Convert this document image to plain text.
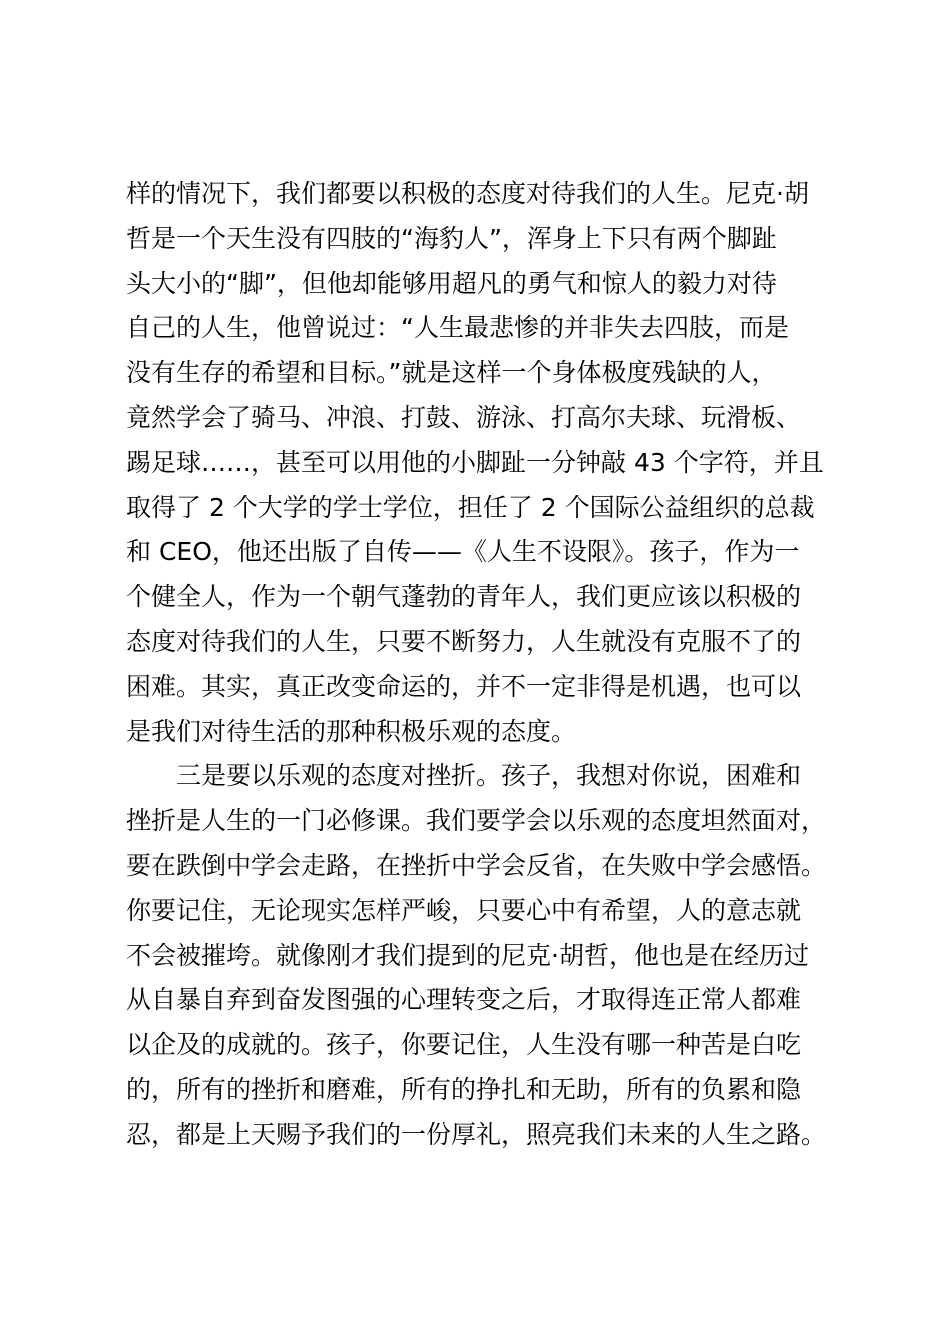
样的情况下，我们都要以积极的态度对待我们的人生。尼克·胡
哲是一个天生没有四肢的“海豹人”，浑身上下只有两个脚趾
头大小的“脚”，但他却能够用超凡的勇气和惊人的毅力对待
自己的人生，他曾说过：“人生最悲惨的并非失去四肢，而是
没有生存的希望和目标。”就是这样一个身体极度残缺的人，
竟然学会了骑马、冲浪、打鼓、游泳、打高尔夫球、玩滑板、
踢足球……，甚至可以用他的小脚趾一分钟敲 43 个字符，并且
取得了 2 个大学的学士学位，担任了 2 个国际公益组织的总裁
和 CEO，他还出版了自传——《人生不设限》。孩子，作为一
个健全人，作为一个朝气蓬勃的青年人，我们更应该以积极的
态度对待我们的人生，只要不断努力，人生就没有克服不了的
困难。其实，真正改变命运的，并不一定非得是机遇，也可以
是我们对待生活的那种积极乐观的态度。
三是要以乐观的态度对挫折。孩子，我想对你说，困难和
挫折是人生的一门必修课。我们要学会以乐观的态度坦然面对，
要在跌倒中学会走路，在挫折中学会反省，在失败中学会感悟。
你要记住，无论现实怎样严峻，只要心中有希望，人的意志就
不会被摧垮。就像刚才我们提到的尼克·胡哲，他也是在经历过
从自暴自弃到奋发图强的心理转变之后，才取得连正常人都难
以企及的成就的。孩子，你要记住，人生没有哪一种苦是白吃
的，所有的挫折和磨难，所有的挣扎和无助，所有的负累和隐
忍，都是上天赐予我们的一份厚礼，照亮我们未来的人生之路。
